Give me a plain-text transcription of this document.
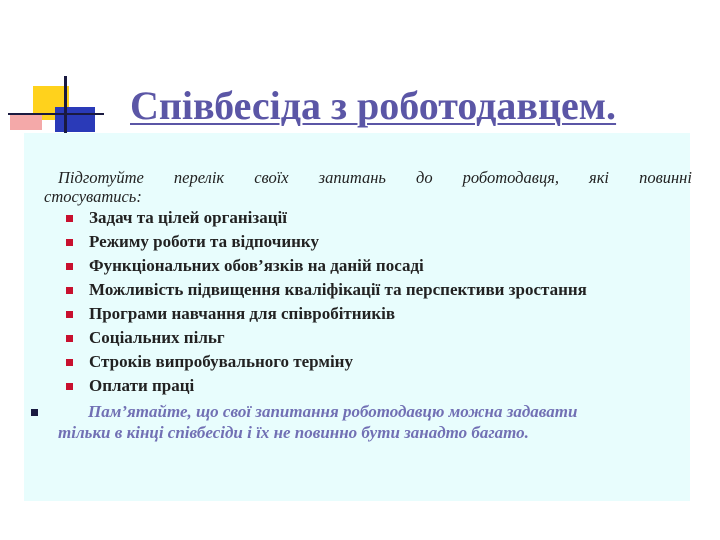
Співбесіда з роботодавцем.
Підготуйте перелік своїх запитань до роботодавця, які повинні
стосуватись:
Задач та цілей організації
Режиму роботи та відпочинку
Функціональних обов’язків на даній посаді
Можливість підвищення кваліфікації та перспективи зростання
Програми навчання для співробітників
Соціальних пільг
Строків випробувального терміну
Оплати праці
Пам’ятайте, що свої запитання роботодавцю можна задавати
тільки в кінці співбесіди і їх не повинно бути занадто багато.
